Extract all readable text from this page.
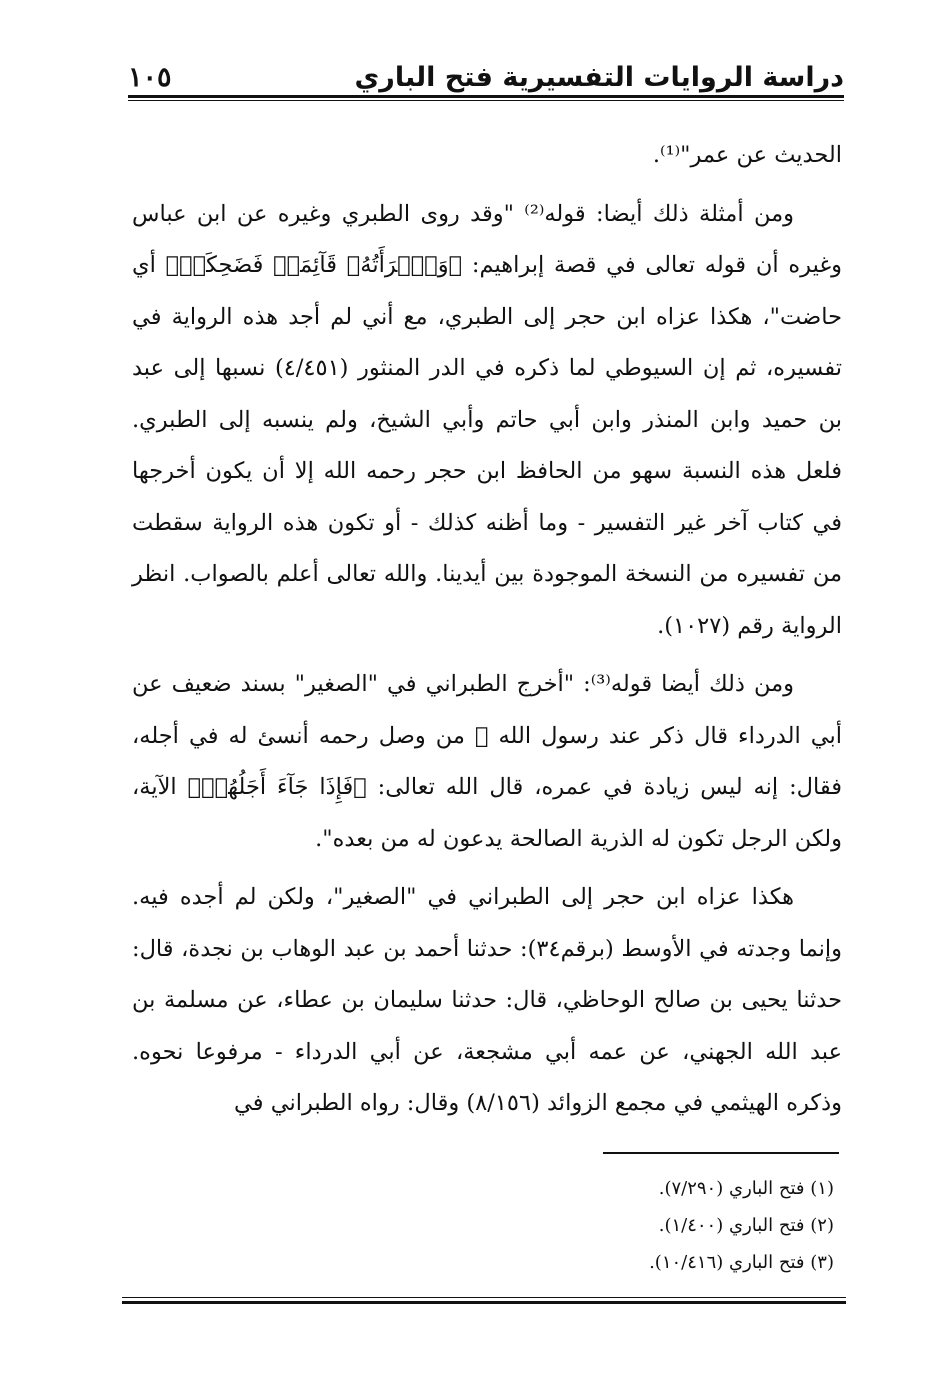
دراسة الروايات التفسيرية فتح الباري
١٠٥

الحديث عن عمر"⁽¹⁾.

ومن أمثلة ذلك أيضا: قوله⁽²⁾ "وقد روى الطبري وغيره عن ابن عباس وغيره أن قوله تعالى في قصة إبراهيم: ﴿وَٱمۡرَأَتُهُۥ قَآئِمَةٞ فَضَحِكَتۡ﴾ أي حاضت"، هكذا عزاه ابن حجر إلى الطبري، مع أني لم أجد هذه الرواية في تفسيره، ثم إن السيوطي لما ذكره في الدر المنثور (٤/٤٥١) نسبها إلى عبد بن حميد وابن المنذر وابن أبي حاتم وأبي الشيخ، ولم ينسبه إلى الطبري. فلعل هذه النسبة سهو من الحافظ ابن حجر رحمه الله إلا أن يكون أخرجها في كتاب آخر غير التفسير - وما أظنه كذلك - أو تكون هذه الرواية سقطت من تفسيره من النسخة الموجودة بين أيدينا. والله تعالى أعلم بالصواب. انظر الرواية رقم (١٠٢٧).

ومن ذلك أيضا قوله⁽³⁾: "أخرج الطبراني في "الصغير" بسند ضعيف عن أبي الدرداء قال ذكر عند رسول الله ﷺ من وصل رحمه أنسئ له في أجله، فقال: إنه ليس زيادة في عمره، قال الله تعالى: ﴿فَإِذَا جَآءَ أَجَلُهُمۡ﴾ الآية، ولكن الرجل تكون له الذرية الصالحة يدعون له من بعده".

هكذا عزاه ابن حجر إلى الطبراني في "الصغير"، ولكن لم أجده فيه. وإنما وجدته في الأوسط (برقم٣٤): حدثنا أحمد بن عبد الوهاب بن نجدة، قال: حدثنا يحيى بن صالح الوحاظي، قال: حدثنا سليمان بن عطاء، عن مسلمة بن عبد الله الجهني، عن عمه أبي مشجعة، عن أبي الدرداء - مرفوعا نحوه. وذكره الهيثمي في مجمع الزوائد (٨/١٥٦) وقال: رواه الطبراني في

(١) فتح الباري (٧/٢٩٠).

(٢) فتح الباري (١/٤٠٠).

(٣) فتح الباري (١٠/٤١٦).
